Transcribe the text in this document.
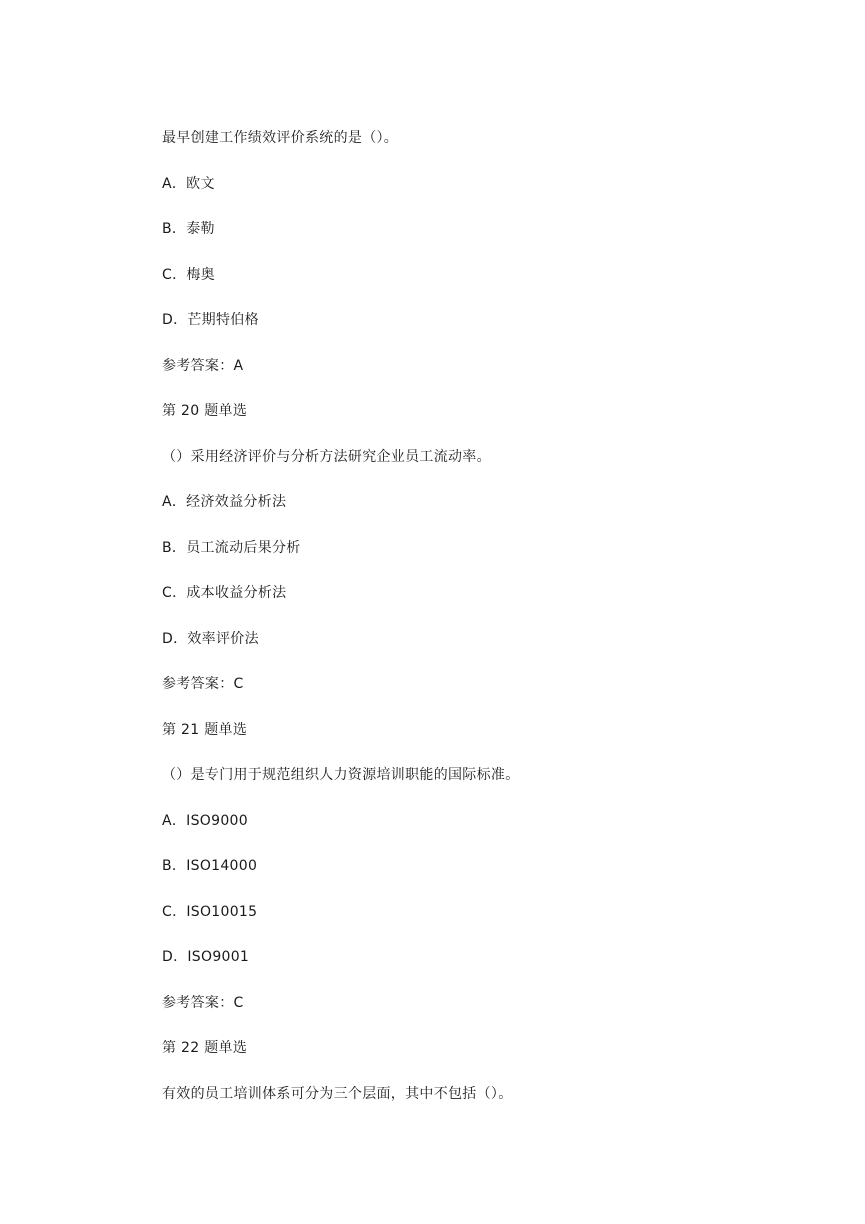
最早创建工作绩效评价系统的是（）。
A．欧文
B．泰勒
C．梅奥
D．芒期特伯格
参考答案：A
第 20 题单选
（）采用经济评价与分析方法研究企业员工流动率。
A．经济效益分析法
B．员工流动后果分析
C．成本收益分析法
D．效率评价法
参考答案：C
第 21 题单选
（）是专门用于规范组织人力资源培训职能的国际标准。
A．ISO9000
B．ISO14000
C．ISO10015
D．ISO9001
参考答案：C
第 22 题单选
有效的员工培训体系可分为三个层面，其中不包括（）。
